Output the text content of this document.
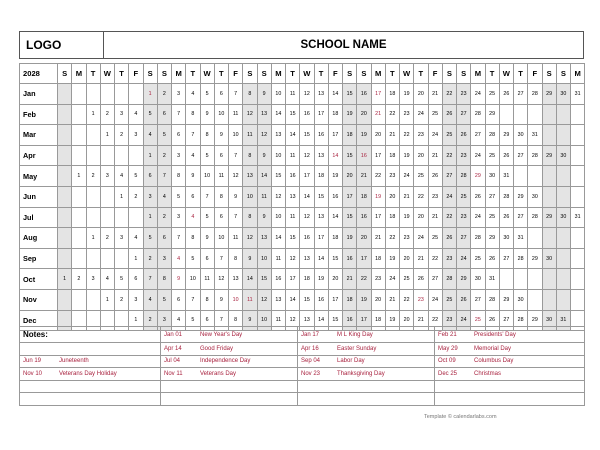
LOGO	SCHOOL NAME
2028	S	M	T	W	T	F	S	S	M	T	W	T	F	S	S	M	T	W	T	F	S	S	M	T	W	T	F	S	S	M	T	W	T	F	S	S	M
Jan							1	2	3	4	5	6	7	8	9	10	11	12	13	14	15	16	17	18	19	20	21	22	23	24	25	26	27	28	29	30	31
Feb			1	2	3	4	5	6	7	8	9	10	11	12	13	14	15	16	17	18	19	20	21	22	23	24	25	26	27	28	29						
Mar				1	2	3	4	5	6	7	8	9	10	11	12	13	14	15	16	17	18	19	20	21	22	23	24	25	26	27	28	29	30	31			
Apr							1	2	3	4	5	6	7	8	9	10	11	12	13	14	15	16	17	18	19	20	21	22	23	24	25	26	27	28	29	30	
May		1	2	3	4	5	6	7	8	9	10	11	12	13	14	15	16	17	18	19	20	21	22	23	24	25	26	27	28	29	30	31					
Jun					1	2	3	4	5	6	7	8	9	10	11	12	13	14	15	16	17	18	19	20	21	22	23	24	25	26	27	28	29	30			
Jul							1	2	3	4	5	6	7	8	9	10	11	12	13	14	15	16	17	18	19	20	21	22	23	24	25	26	27	28	29	30	31
Aug			1	2	3	4	5	6	7	8	9	10	11	12	13	14	15	16	17	18	19	20	21	22	23	24	25	26	27	28	29	30	31				
Sep						1	2	3	4	5	6	7	8	9	10	11	12	13	14	15	16	17	18	19	20	21	22	23	24	25	26	27	28	29	30		
Oct	1	2	3	4	5	6	7	8	9	10	11	12	13	14	15	16	17	18	19	20	21	22	23	24	25	26	27	28	29	30	31						
Nov				1	2	3	4	5	6	7	8	9	10	11	12	13	14	15	16	17	18	19	20	21	22	23	24	25	26	27	28	29	30				
Dec						1	2	3	4	5	6	7	8	9	10	11	12	13	14	15	16	17	18	19	20	21	22	23	24	25	26	27	28	29	30	31	
Notes:	Jan 01 New Year's Day	Jan 17 M L King Day	Feb 21 Presidents' Day
	Apr 14 Good Friday	Apr 16 Easter Sunday	May 29 Memorial Day
Jun 19 Juneteenth	Jul 04 Independence Day	Sep 04 Labor Day	Oct 09 Columbus Day
Nov 10 Veterans Day Holiday	Nov 11 Veterans Day	Nov 23 Thanksgiving Day	Dec 25 Christmas

Template © calendarlabs.com
